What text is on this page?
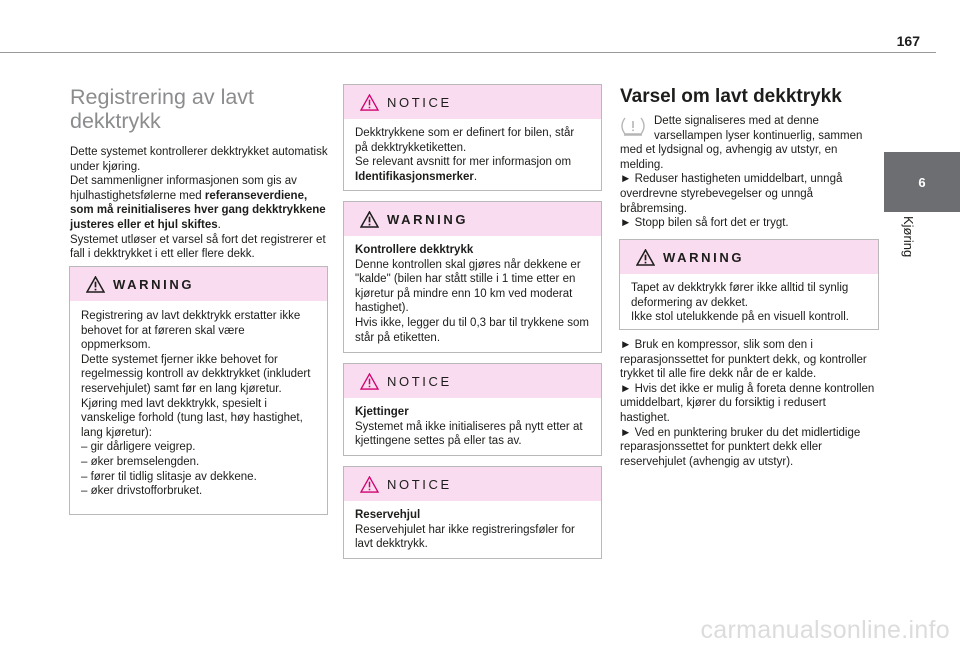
167
6
Kjøring
Registrering av lavt dekktrykk

Dette systemet kontrollerer dekktrykket automatisk under kjøring.

Det sammenligner informasjonen som gis av hjulhastighetsfølerne med referanseverdiene, som må reinitialiseres hver gang dekktrykkene justeres eller et hjul skiftes.

Systemet utløser et varsel så fort det registrerer et fall i dekktrykket i ett eller flere dekk.

WARNING

Registrering av lavt dekktrykk erstatter ikke behovet for at føreren skal være oppmerksom.

Dette systemet fjerner ikke behovet for regelmessig kontroll av dekktrykket (inkludert reservehjulet) samt før en lang kjøretur.

Kjøring med lavt dekktrykk, spesielt i vanskelige forhold (tung last, høy hastighet, lang kjøretur):

– gir dårligere veigrep.

– øker bremselengden.

– fører til tidlig slitasje av dekkene.

– øker drivstofforbruket.

NOTICE

Dekktrykkene som er definert for bilen, står på dekktrykketiketten.

Se relevant avsnitt for mer informasjon om Identifikasjonsmerker.

WARNING

Kontrollere dekktrykk

Denne kontrollen skal gjøres når dekkene er "kalde" (bilen har stått stille i 1 time etter en kjøretur på mindre enn 10 km ved moderat hastighet).

Hvis ikke, legger du til 0,3 bar til trykkene som står på etiketten.

NOTICE

Kjettinger

Systemet må ikke initialiseres på nytt etter at kjettingene settes på eller tas av.

NOTICE

Reservehjul

Reservehjulet har ikke registreringsføler for lavt dekktrykk.

Varsel om lavt dekktrykk

Dette signaliseres med at denne varsellampen lyser kontinuerlig, sammen med et lydsignal og, avhengig av utstyr, en melding.

► Reduser hastigheten umiddelbart, unngå overdrevne styrebevegelser og unngå bråbremsing.

► Stopp bilen så fort det er trygt.

WARNING

Tapet av dekktrykk fører ikke alltid til synlig deformering av dekket.

Ikke stol utelukkende på en visuell kontroll.

► Bruk en kompressor, slik som den i reparasjonssettet for punktert dekk, og kontroller trykket til alle fire dekk når de er kalde.

► Hvis det ikke er mulig å foreta denne kontrollen umiddelbart, kjører du forsiktig i redusert hastighet.

► Ved en punktering bruker du det midlertidige reparasjonssettet for punktert dekk eller reservehjulet (avhengig av utstyr).

carmanualsonline.info
